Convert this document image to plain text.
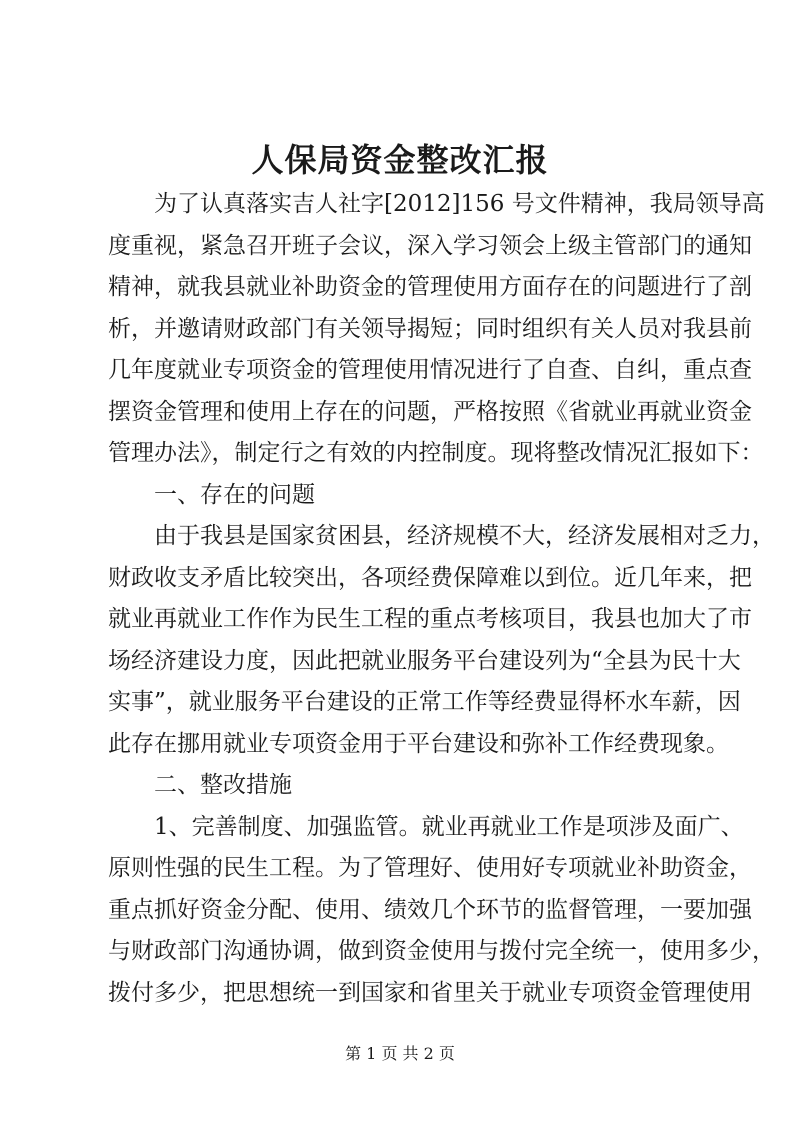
人保局资金整改汇报
为了认真落实吉人社字[2012]156 号文件精神，我局领导高
度重视，紧急召开班子会议，深入学习领会上级主管部门的通知
精神，就我县就业补助资金的管理使用方面存在的问题进行了剖
析，并邀请财政部门有关领导揭短；同时组织有关人员对我县前
几年度就业专项资金的管理使用情况进行了自查、自纠，重点查
摆资金管理和使用上存在的问题，严格按照《省就业再就业资金
管理办法》，制定行之有效的内控制度。现将整改情况汇报如下：
一、存在的问题
由于我县是国家贫困县，经济规模不大，经济发展相对乏力，
财政收支矛盾比较突出，各项经费保障难以到位。近几年来，把
就业再就业工作作为民生工程的重点考核项目，我县也加大了市
场经济建设力度，因此把就业服务平台建设列为“全县为民十大
实事”，就业服务平台建设的正常工作等经费显得杯水车薪，因
此存在挪用就业专项资金用于平台建设和弥补工作经费现象。
二、整改措施
1、完善制度、加强监管。就业再就业工作是项涉及面广、
原则性强的民生工程。为了管理好、使用好专项就业补助资金，
重点抓好资金分配、使用、绩效几个环节的监督管理，一要加强
与财政部门沟通协调，做到资金使用与拨付完全统一，使用多少，
拨付多少，把思想统一到国家和省里关于就业专项资金管理使用
第 1 页 共 2 页
